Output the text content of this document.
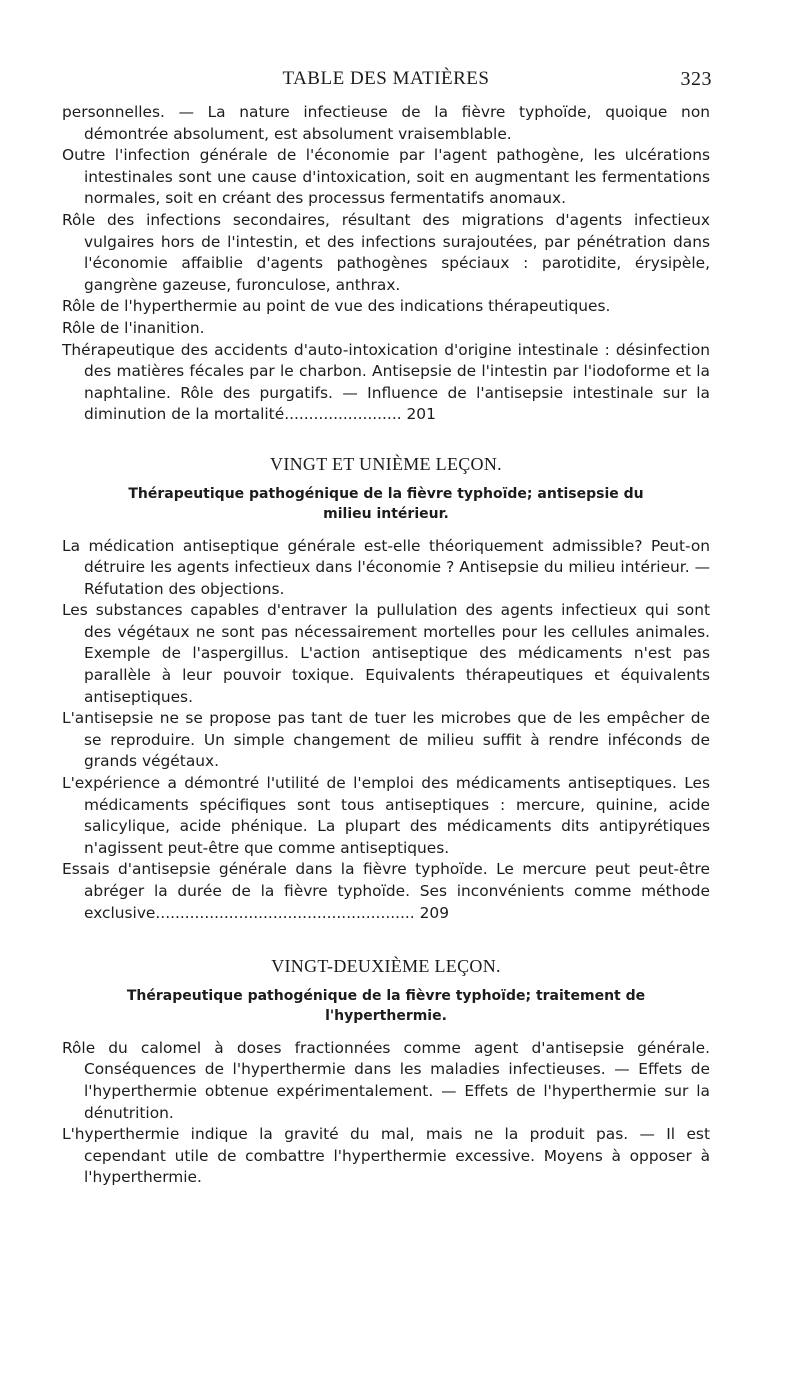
TABLE DES MATIÈRES	323

personnelles. — La nature infectieuse de la fièvre typhoïde, quoique non démontrée absolument, est absolument vraisemblable.

Outre l'infection générale de l'économie par l'agent pathogène, les ulcérations intestinales sont une cause d'intoxication, soit en augmentant les fermentations normales, soit en créant des processus fermentatifs anomaux.

Rôle des infections secondaires, résultant des migrations d'agents infectieux vulgaires hors de l'intestin, et des infections surajoutées, par pénétration dans l'économie affaiblie d'agents pathogènes spéciaux : parotidite, érysipèle, gangrène gazeuse, furonculose, anthrax.

Rôle de l'hyperthermie au point de vue des indications thérapeutiques.

Rôle de l'inanition.

Thérapeutique des accidents d'auto-intoxication d'origine intestinale : désinfection des matières fécales par le charbon. Antisepsie de l'intestin par l'iodoforme et la naphtaline. Rôle des purgatifs. — Influence de l'antisepsie intestinale sur la diminution de la mortalité........................ 201

VINGT ET UNIÈME LEÇON.

Thérapeutique pathogénique de la fièvre typhoïde; antisepsie du milieu intérieur.

La médication antiseptique générale est-elle théoriquement admissible? Peut-on détruire les agents infectieux dans l'économie ? Antisepsie du milieu intérieur. — Réfutation des objections.

Les substances capables d'entraver la pullulation des agents infectieux qui sont des végétaux ne sont pas nécessairement mortelles pour les cellules animales. Exemple de l'aspergillus. L'action antiseptique des médicaments n'est pas parallèle à leur pouvoir toxique. Equivalents thérapeutiques et équivalents antiseptiques.

L'antisepsie ne se propose pas tant de tuer les microbes que de les empêcher de se reproduire. Un simple changement de milieu suffit à rendre inféconds de grands végétaux.

L'expérience a démontré l'utilité de l'emploi des médicaments antiseptiques. Les médicaments spécifiques sont tous antiseptiques : mercure, quinine, acide salicylique, acide phénique. La plupart des médicaments dits antipyrétiques n'agissent peut-être que comme antiseptiques.

Essais d'antisepsie générale dans la fièvre typhoïde. Le mercure peut peut-être abréger la durée de la fièvre typhoïde. Ses inconvénients comme méthode exclusive..................................................... 209

VINGT-DEUXIÈME LEÇON.

Thérapeutique pathogénique de la fièvre typhoïde; traitement de l'hyperthermie.

Rôle du calomel à doses fractionnées comme agent d'antisepsie générale. Conséquences de l'hyperthermie dans les maladies infectieuses. — Effets de l'hyperthermie obtenue expérimentalement. — Effets de l'hyperthermie sur la dénutrition.

L'hyperthermie indique la gravité du mal, mais ne la produit pas. — Il est cependant utile de combattre l'hyperthermie excessive. Moyens à opposer à l'hyperthermie.
